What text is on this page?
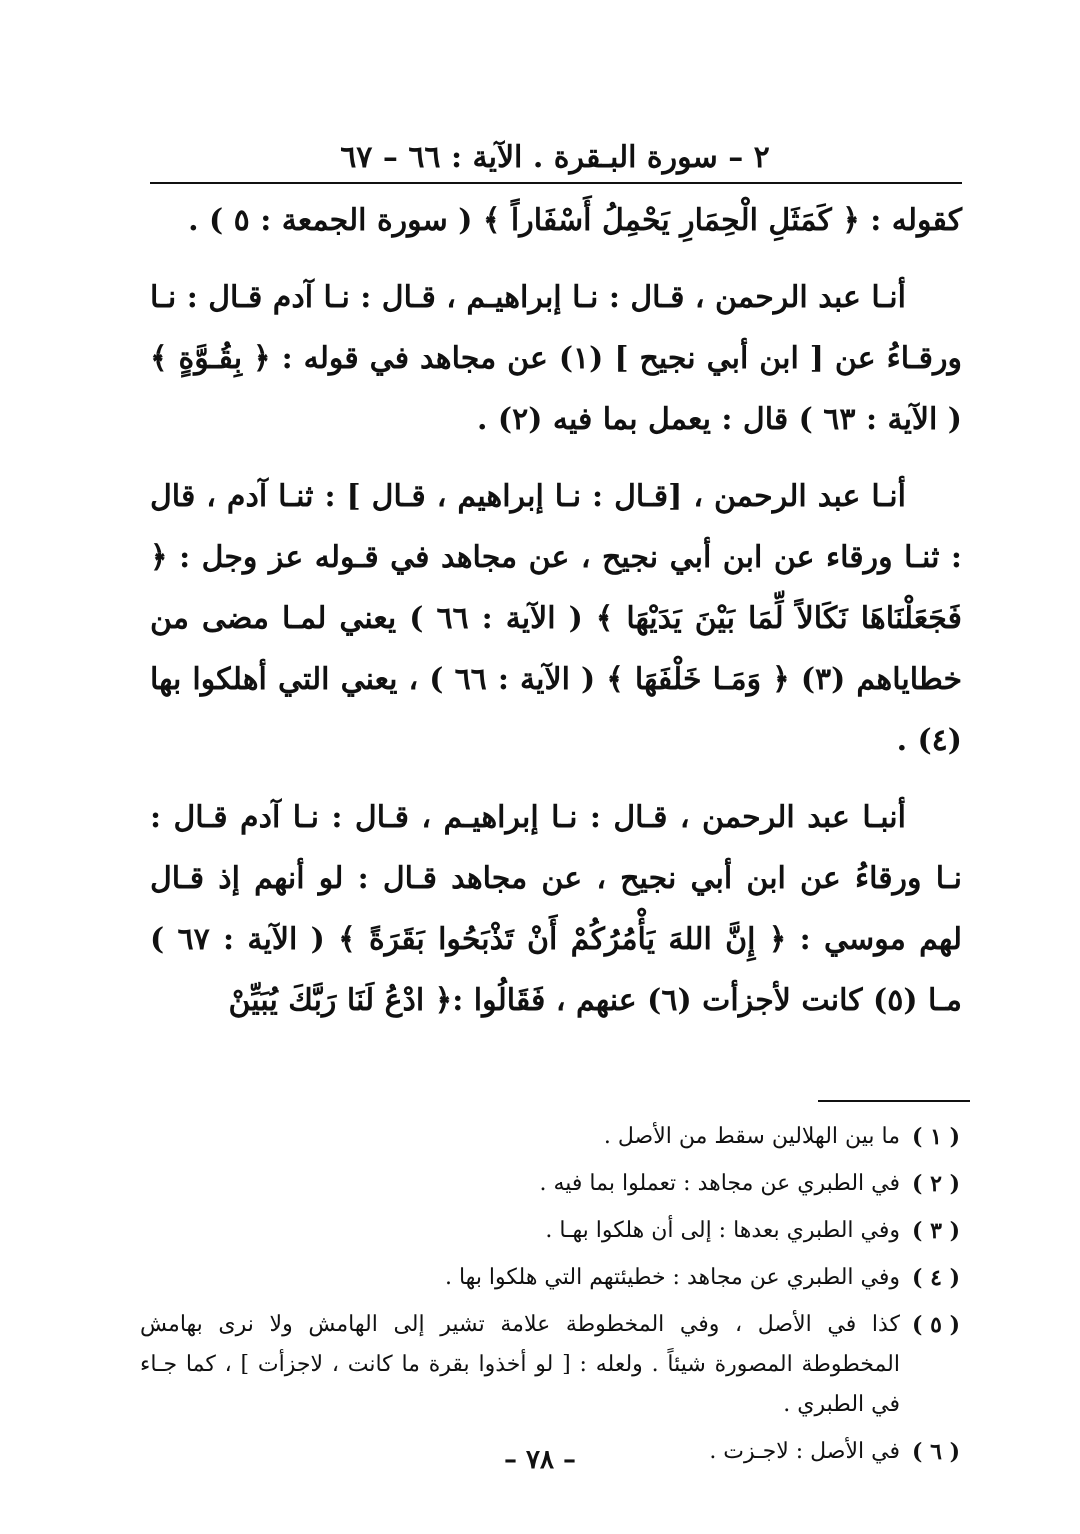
٢ – سورة البـقرة . الآية : ٦٦ – ٦٧

كقوله : ﴿ كَمَثَلِ الْحِمَارِ يَحْمِلُ أَسْفَاراً ﴾ ( سورة الجمعة : ٥ ) .

أنـا عبد الرحمن ، قـال : نـا إبراهيـم ، قـال : نـا آدم قـال : نـا ورقـاءُ عن [ ابن أبي نجيح ] (١) عن مجاهد في قوله : ﴿ بِقُـوَّةٍ ﴾ ( الآية : ٦٣ ) قال : يعمل بما فيه (٢) .

أنـا عبد الرحمن ، [قـال : نـا إبراهيم ، قـال ] : ثنـا آدم ، قال : ثنـا ورقاء عن ابن أبي نجيح ، عن مجاهد في قـوله عز وجل : ﴿ فَجَعَلْنَاهَا نَكَالاً لِّمَا بَيْنَ يَدَيْهَا ﴾ ( الآية : ٦٦ ) يعني لمـا مضى من خطاياهم (٣) ﴿ وَمَـا خَلْفَهَا ﴾ ( الآية : ٦٦ ) ، يعني التي أهلكوا بها (٤) .

أنبـا عبد الرحمن ، قـال : نـا إبراهيـم ، قـال : نـا آدم قـال : نـا ورقاءُ عن ابن أبي نجيح ، عن مجاهد قـال : لو أنهم إذ قـال لهم موسي : ﴿ إِنَّ اللهَ يَأْمُرُكُمْ أَنْ تَذْبَحُوا بَقَرَةً ﴾ ( الآية : ٦٧ ) مـا (٥) كانت لأجزأت (٦) عنهم ، فَقَالُوا :﴿ ادْعُ لَنَا رَبَّكَ يُبَيِّنْ

( ١ )
ما بين الهلالين سقط من الأصل .
( ٢ )
في الطبري عن مجاهد : تعملوا بما فيه .
( ٣ )
وفي الطبري بعدها : إلى أن هلكوا بهـا .
( ٤ )
وفي الطبري عن مجاهد : خطيئتهم التي هلكوا بها .
( ٥ )
كذا في الأصل ، وفي المخطوطة علامة تشير إلى الهامش ولا نرى بهامش المخطوطة المصورة شيئاً . ولعله : [ لو أخذوا بقرة ما كانت ، لاجزأت ] ، كما جـاء في الطبري .
( ٦ )
في الأصل : لاجـزت .
– ٧٨ –
